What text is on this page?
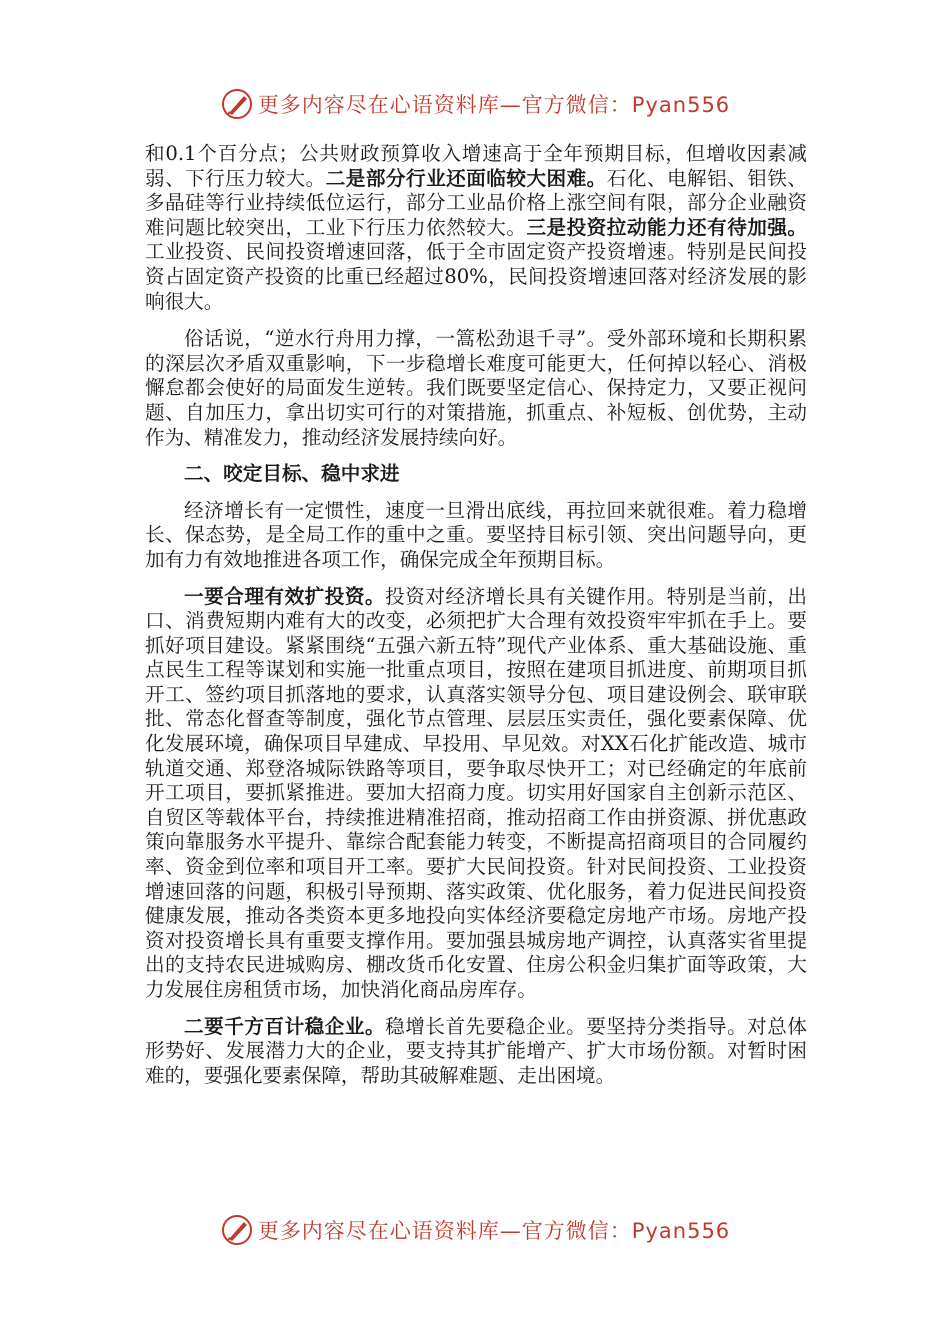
更多内容尽在心语资料库—官方微信：Pyan556

和0.1个百分点；公共财政预算收入增速高于全年预期目标，但增收因素减弱、下行压力较大。二是部分行业还面临较大困难。石化、电解铝、钼铁、多晶硅等行业持续低位运行，部分工业品价格上涨空间有限，部分企业融资难问题比较突出，工业下行压力依然较大。三是投资拉动能力还有待加强。工业投资、民间投资增速回落，低于全市固定资产投资增速。特别是民间投资占固定资产投资的比重已经超过80%，民间投资增速回落对经济发展的影响很大。

俗话说，“逆水行舟用力撑，一篙松劲退千寻”。受外部环境和长期积累的深层次矛盾双重影响，下一步稳增长难度可能更大，任何掉以轻心、消极懈怠都会使好的局面发生逆转。我们既要坚定信心、保持定力，又要正视问题、自加压力，拿出切实可行的对策措施，抓重点、补短板、创优势，主动作为、精准发力，推动经济发展持续向好。

二、咬定目标、稳中求进

经济增长有一定惯性，速度一旦滑出底线，再拉回来就很难。着力稳增长、保态势，是全局工作的重中之重。要坚持目标引领、突出问题导向，更加有力有效地推进各项工作，确保完成全年预期目标。

一要合理有效扩投资。投资对经济增长具有关键作用。特别是当前，出口、消费短期内难有大的改变，必须把扩大合理有效投资牢牢抓在手上。要抓好项目建设。紧紧围绕“五强六新五特”现代产业体系、重大基础设施、重点民生工程等谋划和实施一批重点项目，按照在建项目抓进度、前期项目抓开工、签约项目抓落地的要求，认真落实领导分包、项目建设例会、联审联批、常态化督查等制度，强化节点管理、层层压实责任，强化要素保障、优化发展环境，确保项目早建成、早投用、早见效。对XX石化扩能改造、城市轨道交通、郑登洛城际铁路等项目，要争取尽快开工；对已经确定的年底前开工项目，要抓紧推进。要加大招商力度。切实用好国家自主创新示范区、自贸区等载体平台，持续推进精准招商，推动招商工作由拼资源、拼优惠政策向靠服务水平提升、靠综合配套能力转变，不断提高招商项目的合同履约率、资金到位率和项目开工率。要扩大民间投资。针对民间投资、工业投资增速回落的问题，积极引导预期、落实政策、优化服务，着力促进民间投资健康发展，推动各类资本更多地投向实体经济要稳定房地产市场。房地产投资对投资增长具有重要支撑作用。要加强县城房地产调控，认真落实省里提出的支持农民进城购房、棚改货币化安置、住房公积金归集扩面等政策，大力发展住房租赁市场，加快消化商品房库存。

二要千方百计稳企业。稳增长首先要稳企业。要坚持分类指导。对总体形势好、发展潜力大的企业，要支持其扩能增产、扩大市场份额。对暂时困难的，要强化要素保障，帮助其破解难题、走出困境。

更多内容尽在心语资料库—官方微信：Pyan556
